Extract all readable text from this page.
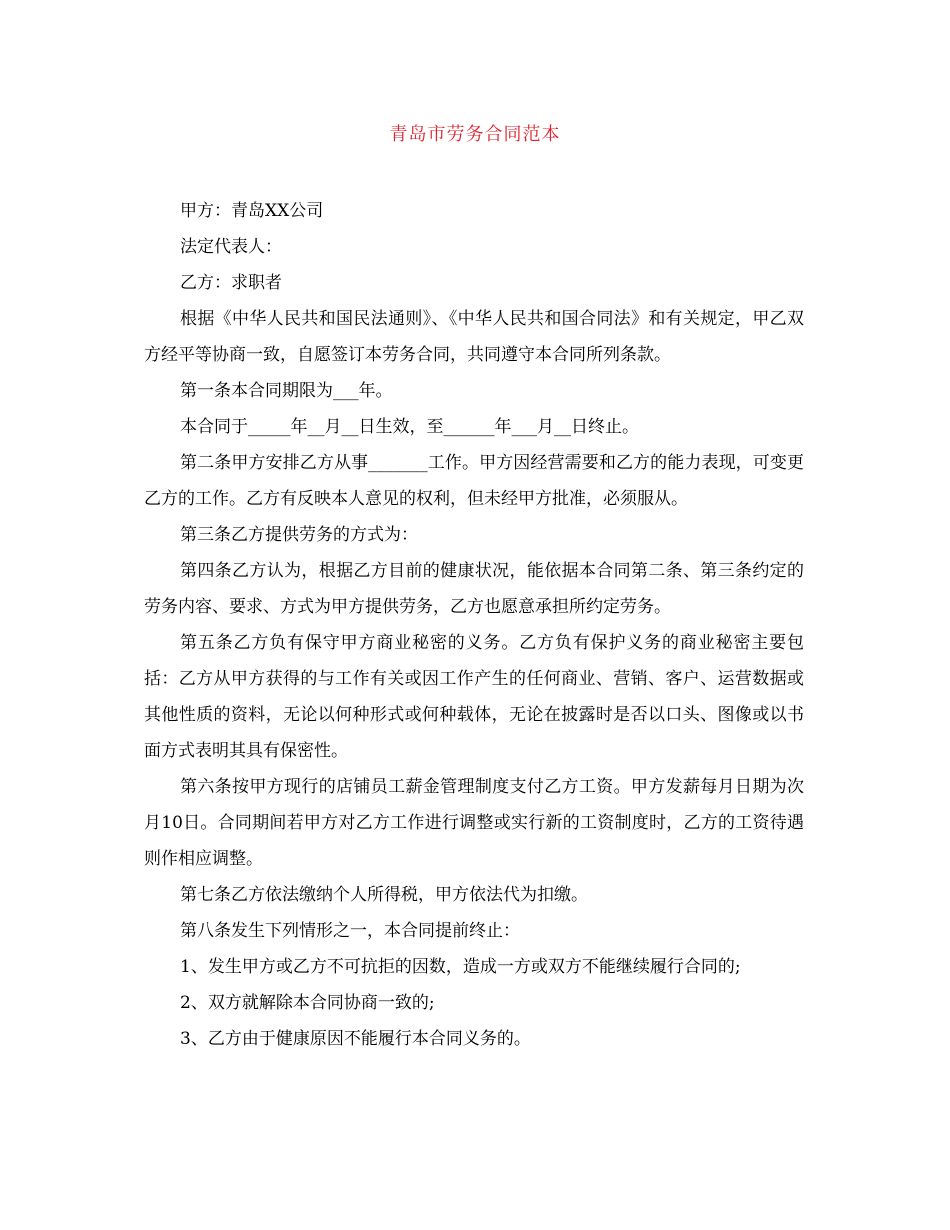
青岛市劳务合同范本

甲方：青岛XX公司

法定代表人：

乙方：求职者

根据《中华人民共和国民法通则》、《中华人民共和国合同法》和有关规定，甲乙双方经平等协商一致，自愿签订本劳务合同，共同遵守本合同所列条款。

第一条本合同期限为___年。

本合同于_____年__月__日生效，至______年___月__日终止。

第二条甲方安排乙方从事_______工作。甲方因经营需要和乙方的能力表现，可变更乙方的工作。乙方有反映本人意见的权利，但未经甲方批准，必须服从。

第三条乙方提供劳务的方式为：

第四条乙方认为，根据乙方目前的健康状况，能依据本合同第二条、第三条约定的劳务内容、要求、方式为甲方提供劳务，乙方也愿意承担所约定劳务。

第五条乙方负有保守甲方商业秘密的义务。乙方负有保护义务的商业秘密主要包括：乙方从甲方获得的与工作有关或因工作产生的任何商业、营销、客户、运营数据或其他性质的资料，无论以何种形式或何种载体，无论在披露时是否以口头、图像或以书面方式表明其具有保密性。

第六条按甲方现行的店铺员工薪金管理制度支付乙方工资。甲方发薪每月日期为次月10日。合同期间若甲方对乙方工作进行调整或实行新的工资制度时，乙方的工资待遇则作相应调整。

第七条乙方依法缴纳个人所得税，甲方依法代为扣缴。

第八条发生下列情形之一，本合同提前终止：

1、发生甲方或乙方不可抗拒的因数，造成一方或双方不能继续履行合同的;

2、双方就解除本合同协商一致的;

3、乙方由于健康原因不能履行本合同义务的。
